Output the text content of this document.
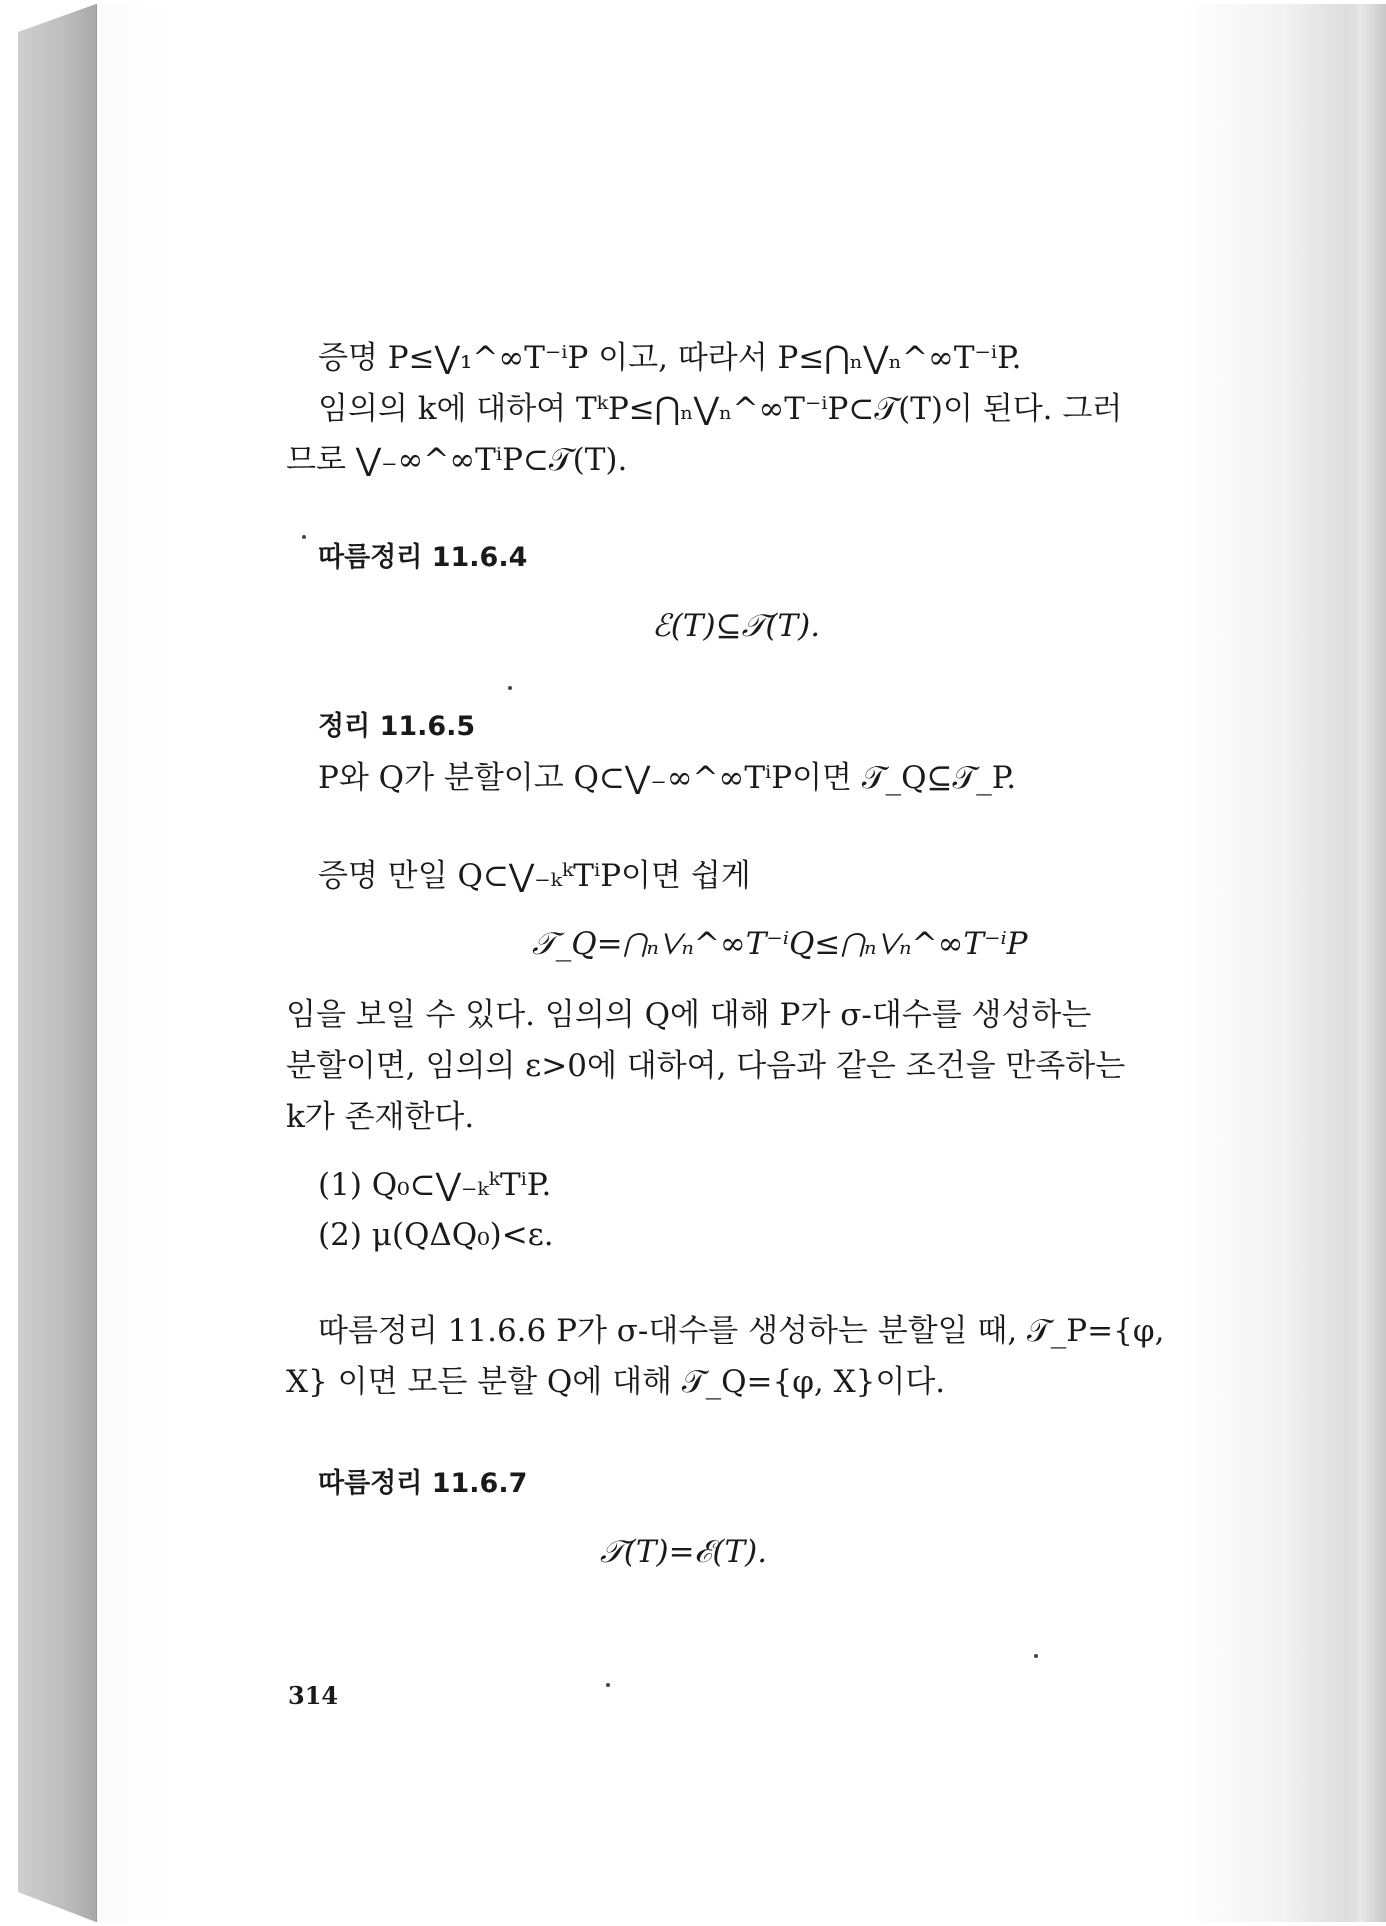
증명 P≤⋁₁^∞T⁻ⁱP 이고, 따라서 P≤⋂ₙ⋁ₙ^∞T⁻ⁱP.
임의의 k에 대하여 TᵏP≤⋂ₙ⋁ₙ^∞T⁻ⁱP⊂𝒯(T)이 된다. 그러
므로 ⋁₋∞^∞TⁱP⊂𝒯(T).
따름정리 11.6.4
ℰ(T)⊆𝒯(T).
정리 11.6.5
P와 Q가 분할이고 Q⊂⋁₋∞^∞TⁱP이면 𝒯_Q⊆𝒯_P.
증명 만일 Q⊂⋁₋ₖᵏTⁱP이면 쉽게
𝒯_Q=⋂ₙ⋁ₙ^∞T⁻ⁱQ≤⋂ₙ⋁ₙ^∞T⁻ⁱP
임을 보일 수 있다. 임의의 Q에 대해 P가 σ-대수를 생성하는
분할이면, 임의의 ε>0에 대하여, 다음과 같은 조건을 만족하는
k가 존재한다.
(1) Q₀⊂⋁₋ₖᵏTⁱP.
(2) μ(QΔQ₀)<ε.
따름정리 11.6.6 P가 σ-대수를 생성하는 분할일 때, 𝒯_P={φ,
X} 이면 모든 분할 Q에 대해 𝒯_Q={φ, X}이다.
따름정리 11.6.7
𝒯(T)=ℰ(T).
314
